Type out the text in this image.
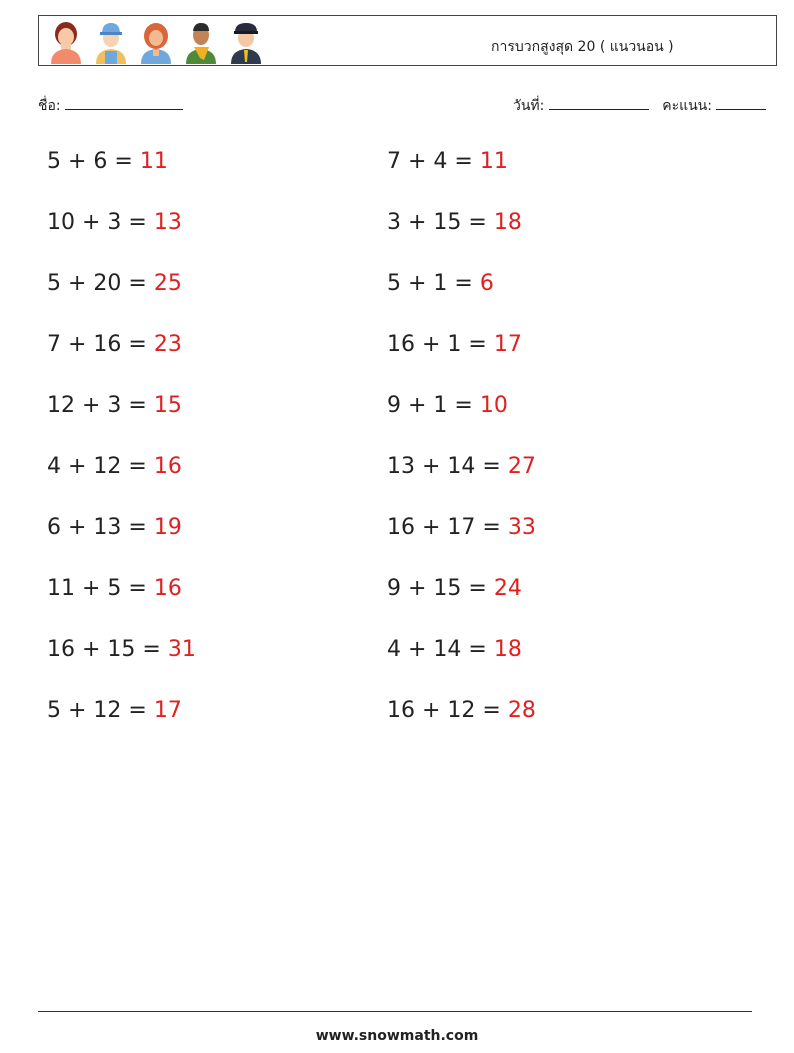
การบวกสูงสุด 20 ( แนวนอน )
ชื่อ:	วันที่:	คะแนน:
5 + 6 = 11
10 + 3 = 13
5 + 20 = 25
7 + 16 = 23
12 + 3 = 15
4 + 12 = 16
6 + 13 = 19
11 + 5 = 16
16 + 15 = 31
5 + 12 = 17
7 + 4 = 11
3 + 15 = 18
5 + 1 = 6
16 + 1 = 17
9 + 1 = 10
13 + 14 = 27
16 + 17 = 33
9 + 15 = 24
4 + 14 = 18
16 + 12 = 28
www.snowmath.com
